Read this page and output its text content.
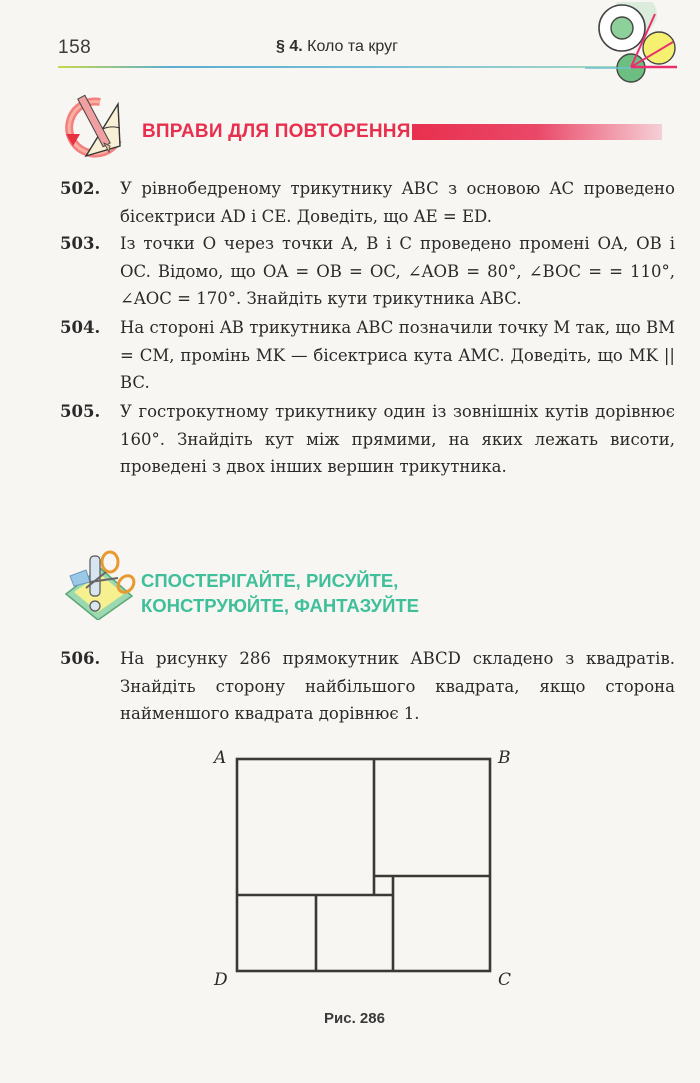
158	§ 4. Коло та круг
ВПРАВИ ДЛЯ ПОВТОРЕННЯ
502. У рівнобедреному трикутнику ABC з основою AC проведено бісектриси AD і CE. Доведіть, що AE = ED.
503. Із точки O через точки A, B і C проведено промені OA, OB і OC. Відомо, що OA = OB = OC, ∠AOB = 80°, ∠BOC = = 110°, ∠AOC = 170°. Знайдіть кути трикутника ABC.
504. На стороні AB трикутника ABC позначили точку M так, що BM = CM, промінь MK — бісектриса кута AMC. Доведіть, що MK || BC.
505. У гострокутному трикутнику один із зовнішніх кутів дорівнює 160°. Знайдіть кут між прямими, на яких лежать висоти, проведені з двох інших вершин трикутника.
СПОСТЕРІГАЙТЕ, РИСУЙТЕ,
КОНСТРУЮЙТЕ, ФАНТАЗУЙТЕ
506. На рисунку 286 прямокутник ABCD складено з квадратів. Знайдіть сторону найбільшого квадрата, якщо сторона найменшого квадрата дорівнює 1.
A	B
C
D
Рис. 286
